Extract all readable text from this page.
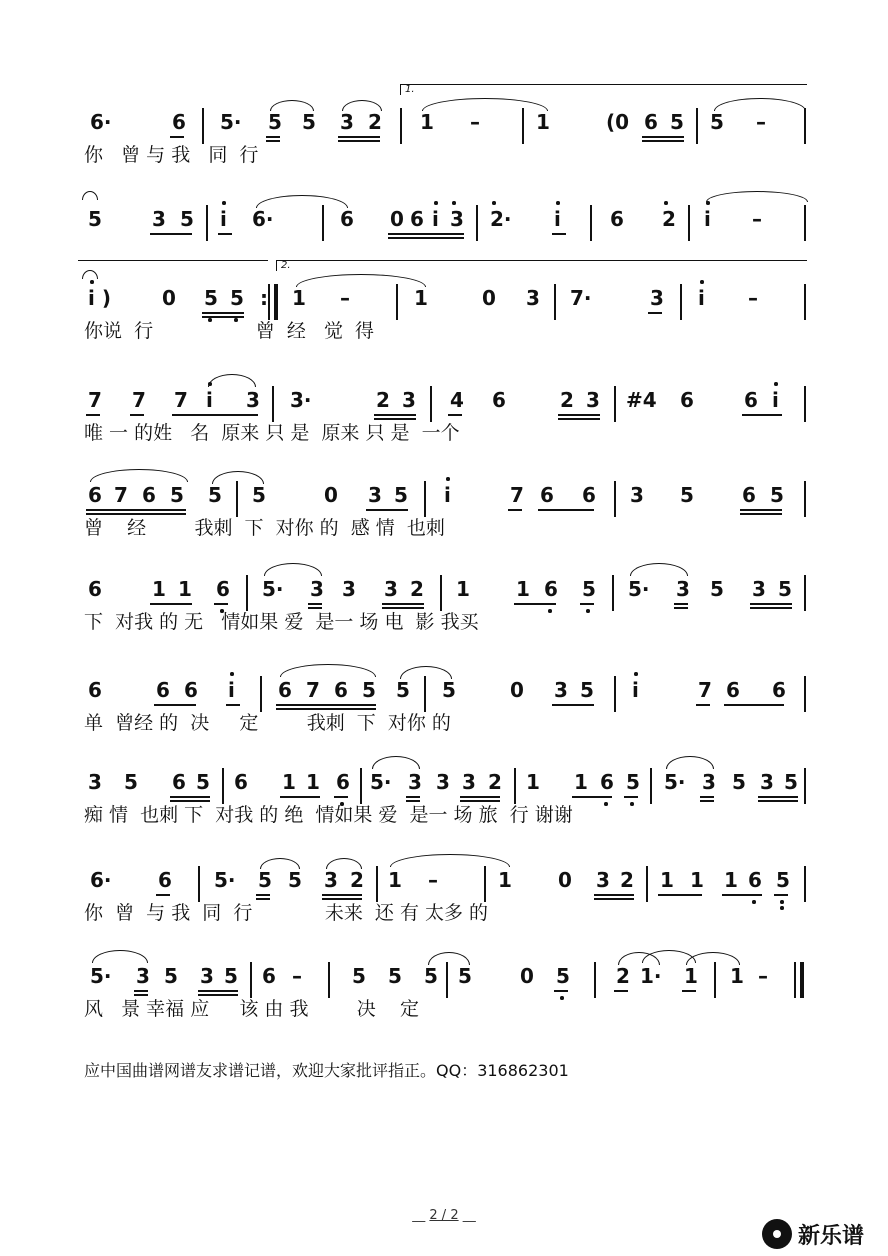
6·	6 5· 5 5 3 2 1 –	1	(0 6 5 5 –
1.
你   曾 与 我   同  行
5	3 5 i 6·	6 0 6 i 3 2· i 6 2 i –
i )	0 5 5 : 1 –	1	0 3 7·	3 i –
2.
你说  行                 曾  经   觉  得
7 7 7 i 3 3·	2 3 4 6	2 3 #4 6	6 i
唯 一 的姓   名  原来 只 是  原来 只 是  一个
6 7 6 5 5 5	0 3 5 i	7 6 6 3 5 6 5
曾    经        我刺  下  对你 的  感 情  也刺
6	1 1 6 5· 3 3 3 2 1 1 6 5 5· 3 5 3 5
下  对我 的 无   情如果 爱  是一 场 电  影 我买
6	6 6 i 6 7 6 5 5 5	0 3 5 i	7 6 6
单  曾经 的  决     定        我刺  下  对你 的
3 5 6 5 6 1 1 6 5· 3 3 3 2 1 1 6 5 5· 3 5 3 5
痴 情  也刺 下  对我 的 绝  情如果 爱  是一 场 旅  行 谢谢
6· 6 5· 5 5 3 2 1 –	1 0 3 2 1 1 1 6 5
你  曾  与 我  同  行            未来  还 有 太多 的
5· 3 5 3 5 6 –	5 5 5 5 0 5 2 1· 1 1 –
风   景 幸福 应     该 由 我        决    定
应中国曲谱网谱友求谱记谱，欢迎大家批评指正。QQ：316862301
__ 2 / 2 __
新乐谱
